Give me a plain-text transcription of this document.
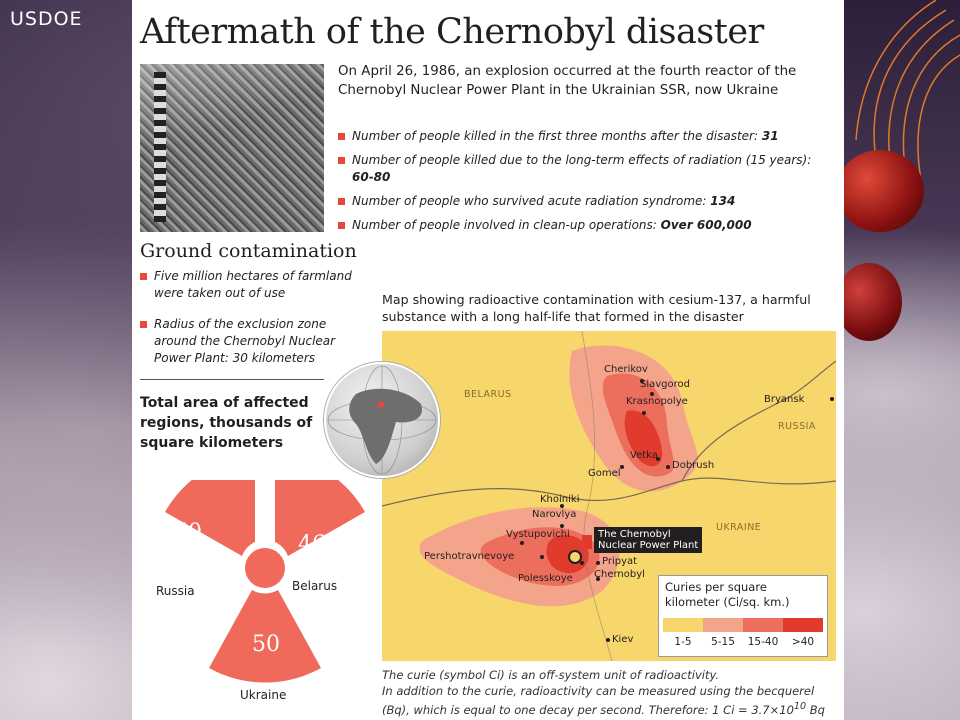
USDOE Aftermath of the Chernobyl disaster
On April 26, 1986, an explosion occurred at the fourth reactor of the Chernobyl Nuclear Power Plant in the Ukrainian SSR, now Ukraine
Number of people killed in the first three months after the disaster: 31
Number of people killed due to the long-term effects of radiation (15 years): 60-80
Number of people who survived acute radiation syndrome: 134
Number of people involved in clean-up operations: Over 600,000
Ground contamination
Five million hectares of farmland were taken out of use
Radius of the exclusion zone around the Chernobyl Nuclear Power Plant: 30 kilometers
Total area of affected regions, thousands of square kilometers
60	46.5
50
Russia	Belarus
Ukraine
Map showing radioactive contamination with cesium-137, a harmful substance with a long half-life that formed in the disaster
BELARUS
RUSSIA
UKRAINE
Cherikov
Slavgorod
Krasnopolye	Bryansk
Vetka
Dobrush
Gomel
Khoiniki
Narovlya
Vystupovichi
Pershotravnevoye	Pripyat
Polesskoye Chernobyl
Kiev
The Chernobyl
Nuclear Power Plant
Curies per square
kilometer (Ci/sq. km.)
1-5	5-15	15-40	>40

The curie (symbol Ci) is an off-system unit of radioactivity.

In addition to the curie, radioactivity can be measured using the becquerel (Bq), which is equal to one decay per second. Therefore: 1 $Ci = 3.7\times 10^{10}$ Bq
